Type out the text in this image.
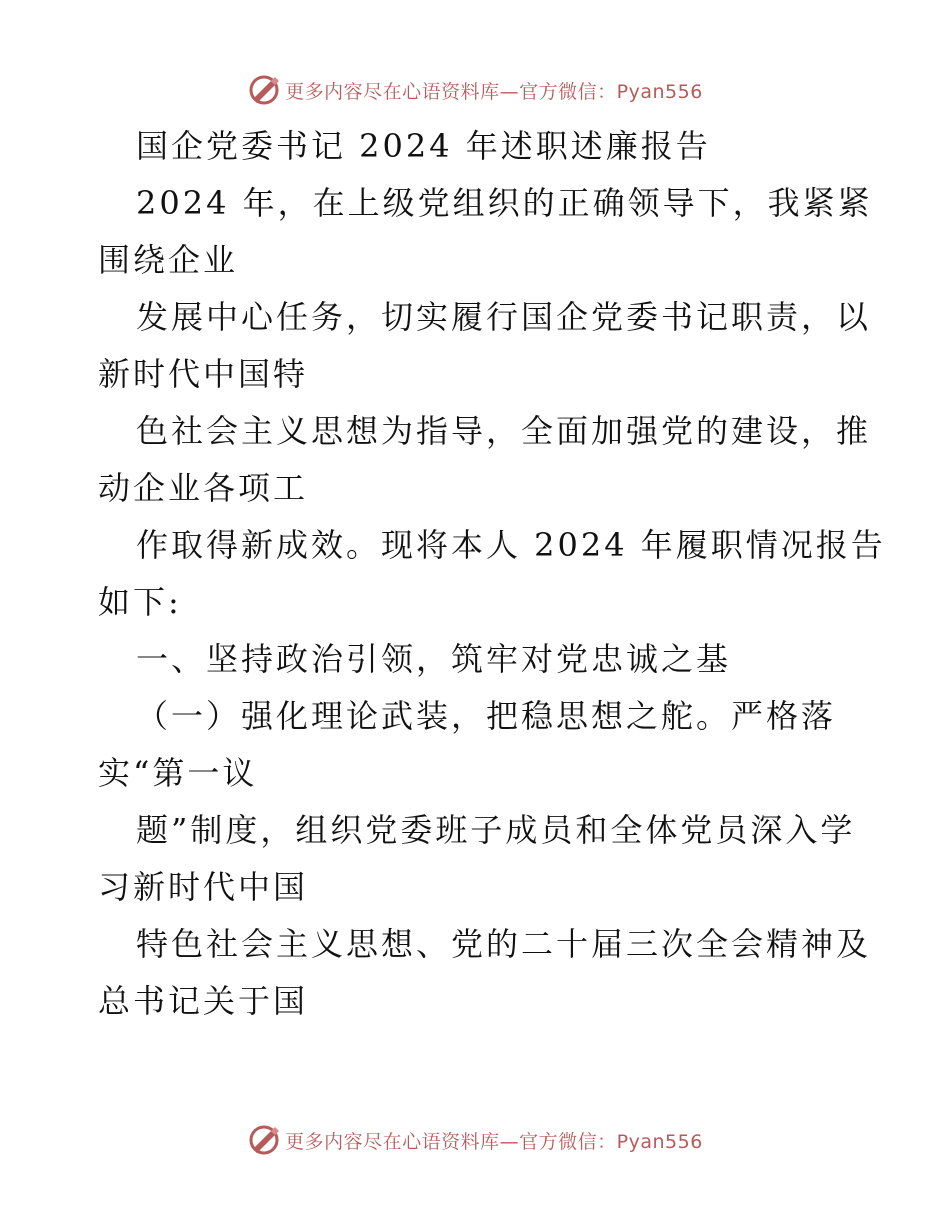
更多内容尽在心语资料库—官方微信：Pyan556
国企党委书记 2024 年述职述廉报告
2024 年，在上级党组织的正确领导下，我紧紧
围绕企业
发展中心任务，切实履行国企党委书记职责，以
新时代中国特
色社会主义思想为指导，全面加强党的建设，推
动企业各项工
作取得新成效。现将本人 2024 年履职情况报告
如下:
一、坚持政治引领，筑牢对党忠诚之基
（一）强化理论武装，把稳思想之舵。严格落
实“第一议
题”制度，组织党委班子成员和全体党员深入学
习新时代中国
特色社会主义思想、党的二十届三次全会精神及
总书记关于国
更多内容尽在心语资料库—官方微信：Pyan556
